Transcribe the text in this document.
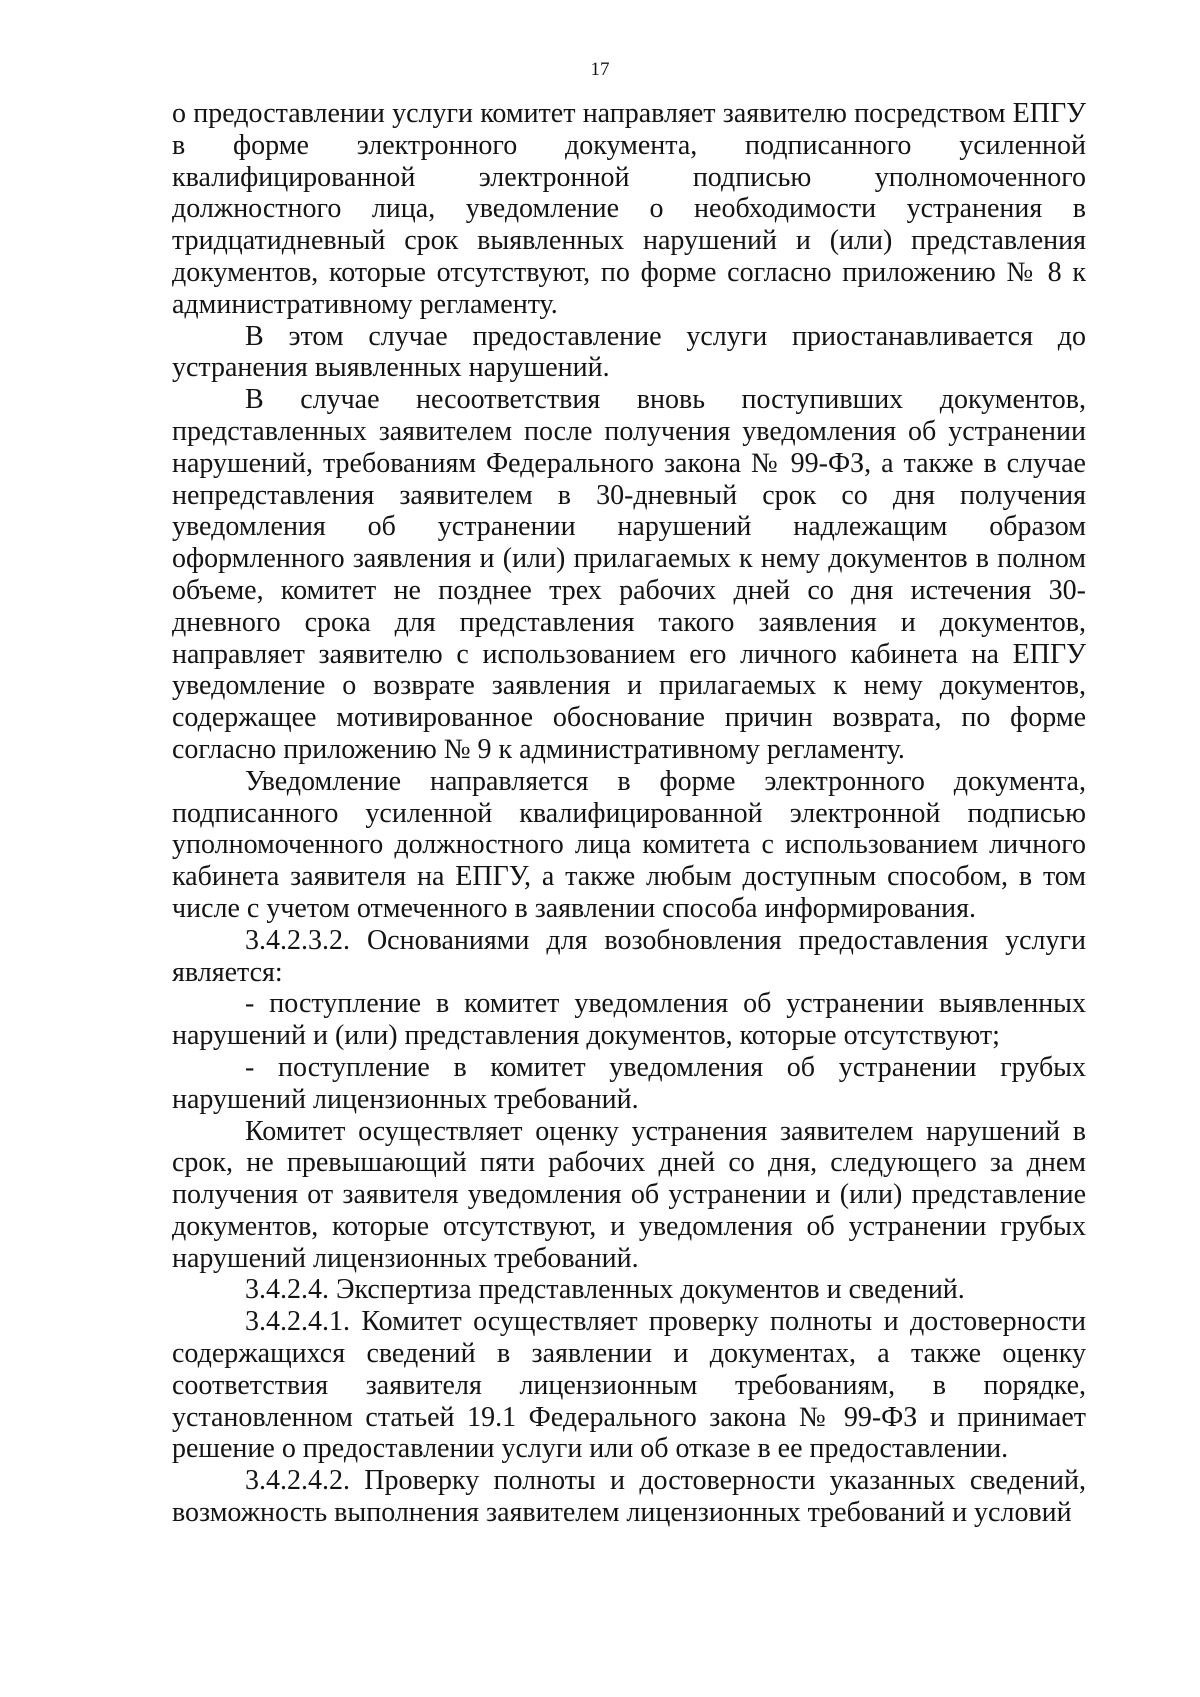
17

о предоставлении услуги комитет направляет заявителю посредством ЕПГУ в форме электронного документа, подписанного усиленной квалифицированной электронной подписью уполномоченного должностного лица, уведомление о необходимости устранения в тридцатидневный срок выявленных нарушений и (или) представления документов, которые отсутствуют, по форме согласно приложению № 8 к административному регламенту.

В этом случае предоставление услуги приостанавливается до устранения выявленных нарушений.

В случае несоответствия вновь поступивших документов, представленных заявителем после получения уведомления об устранении нарушений, требованиям Федерального закона № 99-ФЗ, а также в случае непредставления заявителем в 30-дневный срок со дня получения уведомления об устранении нарушений надлежащим образом оформленного заявления и (или) прилагаемых к нему документов в полном объеме, комитет не позднее трех рабочих дней со дня истечения 30-дневного срока для представления такого заявления и документов, направляет заявителю с использованием его личного кабинета на ЕПГУ уведомление о возврате заявления и прилагаемых к нему документов, содержащее мотивированное обоснование причин возврата, по форме согласно приложению № 9 к административному регламенту.

Уведомление направляется в форме электронного документа, подписанного усиленной квалифицированной электронной подписью уполномоченного должностного лица комитета с использованием личного кабинета заявителя на ЕПГУ, а также любым доступным способом, в том числе с учетом отмеченного в заявлении способа информирования.

3.4.2.3.2. Основаниями для возобновления предоставления услуги является:

- поступление в комитет уведомления об устранении выявленных нарушений и (или) представления документов, которые отсутствуют;

- поступление в комитет уведомления об устранении грубых нарушений лицензионных требований.

Комитет осуществляет оценку устранения заявителем нарушений в срок, не превышающий пяти рабочих дней со дня, следующего за днем получения от заявителя уведомления об устранении и (или) представление документов, которые отсутствуют, и уведомления об устранении грубых нарушений лицензионных требований.

3.4.2.4. Экспертиза представленных документов и сведений.

3.4.2.4.1. Комитет осуществляет проверку полноты и достоверности содержащихся сведений в заявлении и документах, а также оценку соответствия заявителя лицензионным требованиям, в порядке, установленном статьей 19.1 Федерального закона № 99-ФЗ и принимает решение о предоставлении услуги или об отказе в ее предоставлении.

3.4.2.4.2. Проверку полноты и достоверности указанных сведений, возможность выполнения заявителем лицензионных требований и условий
